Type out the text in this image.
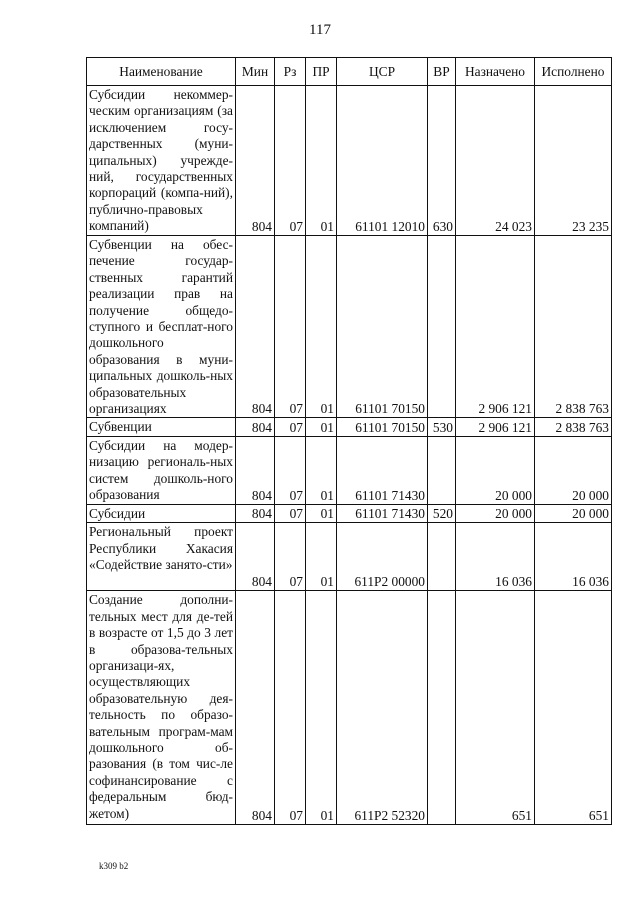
117
Наименование	Мин	Рз	ПР	ЦСР	ВР	Назначено	Исполнено
Субсидии некоммер-ческим организациям (за исключением госу-дарственных (муни-ципальных) учрежде-ний, государственных корпораций (компа-ний), публично-правовых компаний)	804	07	01	61101 12010	630	24 023	23 235
Субвенции на обес-печение государ-ственных гарантий реализации прав на получение общедо-ступного и бесплат-ного дошкольного образования в муни-ципальных дошколь-ных образовательных организациях	804	07	01	61101 70150		2 906 121	2 838 763
Субвенции	804	07	01	61101 70150	530	2 906 121	2 838 763
Субсидии на модер-низацию региональ-ных систем дошколь-ного образования	804	07	01	61101 71430		20 000	20 000
Субсидии	804	07	01	61101 71430	520	20 000	20 000
Региональный проект Республики Хакасия «Содействие занято-сти»	804	07	01	611P2 00000		16 036	16 036
Создание дополни-тельных мест для де-тей в возрасте от 1,5 до 3 лет в образова-тельных организаци-ях, осуществляющих образовательную дея-тельность по образо-вательным програм-мам дошкольного об-разования (в том чис-ле софинансирование с федеральным бюд-жетом)	804	07	01	611P2 52320		651	651
k309 b2
